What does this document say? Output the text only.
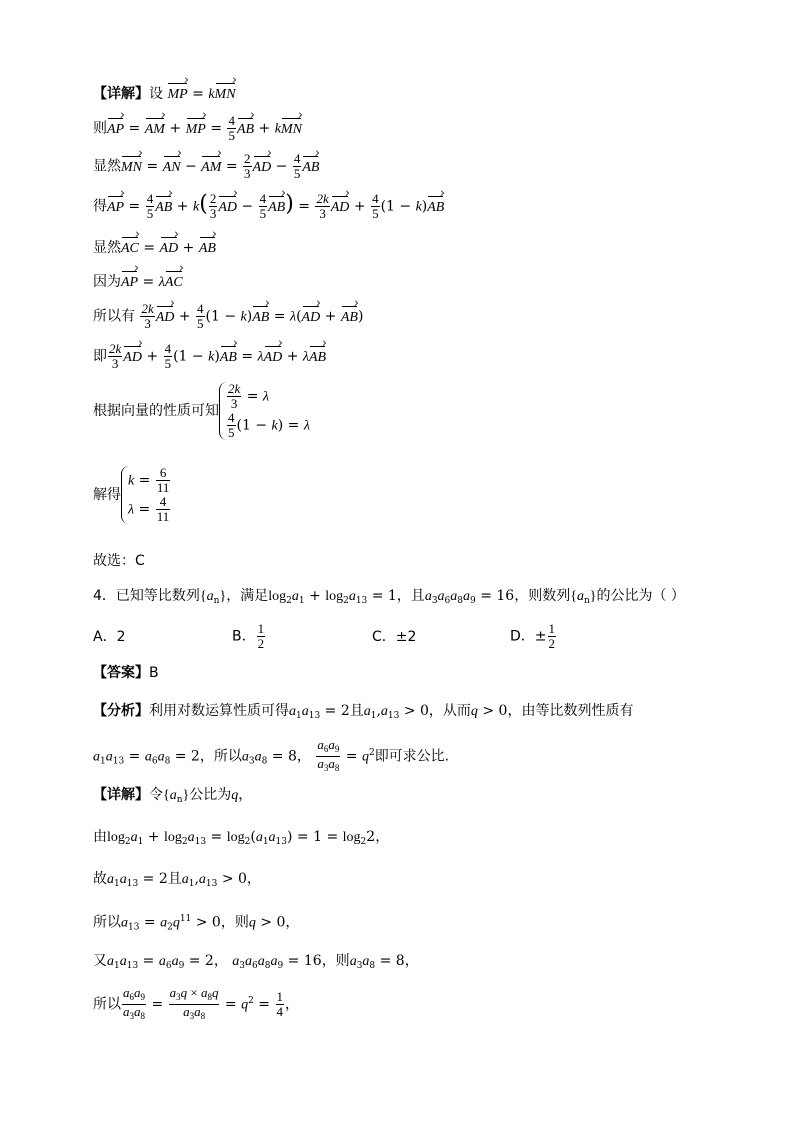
【详解】设 MP = kMN
则AP = AM + MP = $\frac{4}{5}$ AB + kMN
显然MN = AN − AM = $\frac{2}{3}$ AD − $\frac{4}{5}$ AB
得AP = $\frac{4}{5}$ AB + $k( \frac{2}{3}$ AD − $\frac{4}{5} AB) = \frac{2k}{3}$ AD + $\frac{4}{5} (1 - k)AB$
显然AC = AD + AB
因为AP = λAC
所以有 $\frac{2k}{3}$ AD + $\frac{4}{5} (1 - k)AB = \lambda(AD + AB)$
即 $\frac{2k}{3}$ AD + $\frac{4}{5} (1 - k)AB = \lambda AD + \lambda AB$
根据向量的性质可知 $\frac{2k}{3} = \lambda$
$\frac{4}{5} (1 - k) = \lambda$
解得
$k = \frac{6}{11}$
$\lambda = \frac{4}{11}$
故选：C
4．已知等比数列$\{a_n\}$，满足$\log_2a_1 + \log_2a_{13} = 1$，且$a_3a_6a_8a_9 = 16$，则数列$\{a_n\}$的公比为（ ）
A．2	B． $\frac{1}{2}$	C．±2	D．± $\frac{1}{2}$
【答案】B
【分析】利用对数运算性质可得$a_1a_{13} = 2$且$a_1,a_{13} > 0$，从而q > 0，由等比数列性质有
$a_1a_{13} = a_6a_8 = 2$，所以$a_3a_8 = 8$， $\frac{a_6a_9}{a_3a_8} = q^2$即可求公比.
【详解】令$\{a_n\}$公比为q，
由$\log_2a_1 + \log_2a_{13} = \log_2(a_1a_{13}) = 1 = \log_22$，
故$a_1a_{13} = 2$且$a_1,a_{13} > 0$，
所以$a_{13} = a_2q^{11} > 0$，则q > 0，
又$a_1a_{13} = a_6a_9 = 2$， $a_3a_6a_8a_9 = 16$，则$a_3a_8 = 8$，
所以 $\frac{a_6a_9}{a_3a_8} = \frac{a_3q \times a_8q}{a_3a_8} = q^2 = \frac{1}{4}$ ，
